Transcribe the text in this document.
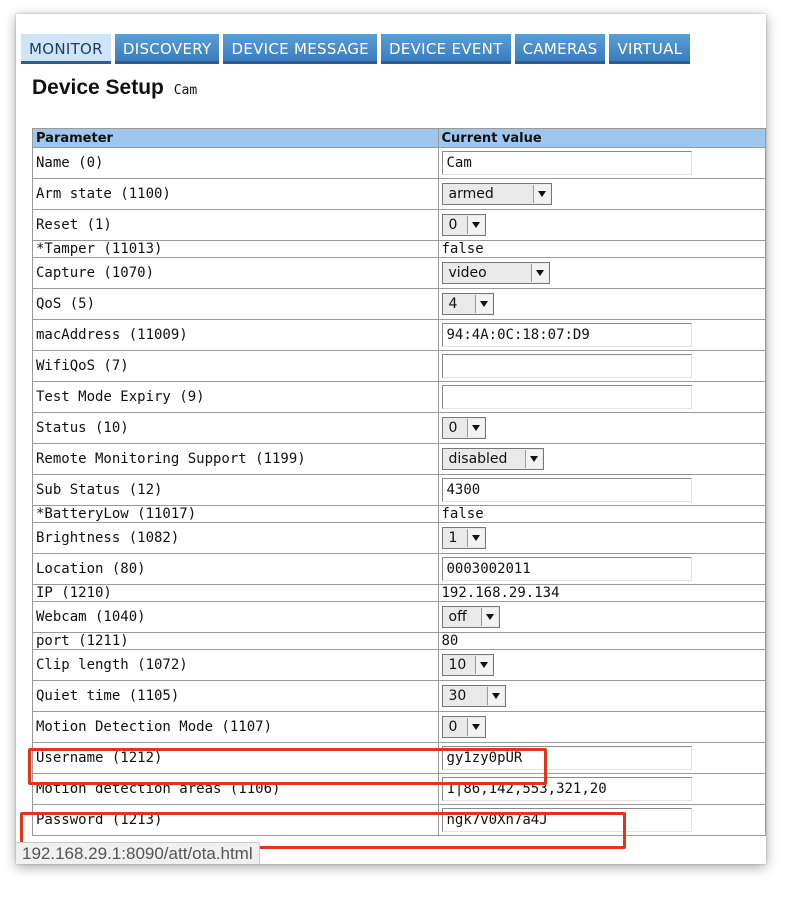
MONITOR	DISCOVERY	DEVICE MESSAGE	DEVICE EVENT	CAMERAS	VIRTUAL
Device Setup Cam
Parameter	Current value
Name (0)	Cam

Arm state (1100)	armed

Reset (1)	0

*Tamper (11013)	false
Capture (1070)	video

QoS (5)	4

macAddress (11009)	94:4A:0C:18:07:D9

WifiQoS (7)	

Test Mode Expiry (9)	

Status (10)	0

Remote Monitoring Support (1199)	disabled

Sub Status (12)	4300

*BatteryLow (11017)	false
Brightness (1082)	1

Location (80)	0003002011

IP (1210)	192.168.29.134
Webcam (1040)	off

port (1211)	80
Clip length (1072)	10

Quiet time (1105)	30

Motion Detection Mode (1107)	0

Username (1212)	gy1zy0pUR

Motion detection areas (1106)	1|86,142,553,321,20

Password (1213)	ngk7v0Xn7a4J
192.168.29.1:8090/att/ota.html
